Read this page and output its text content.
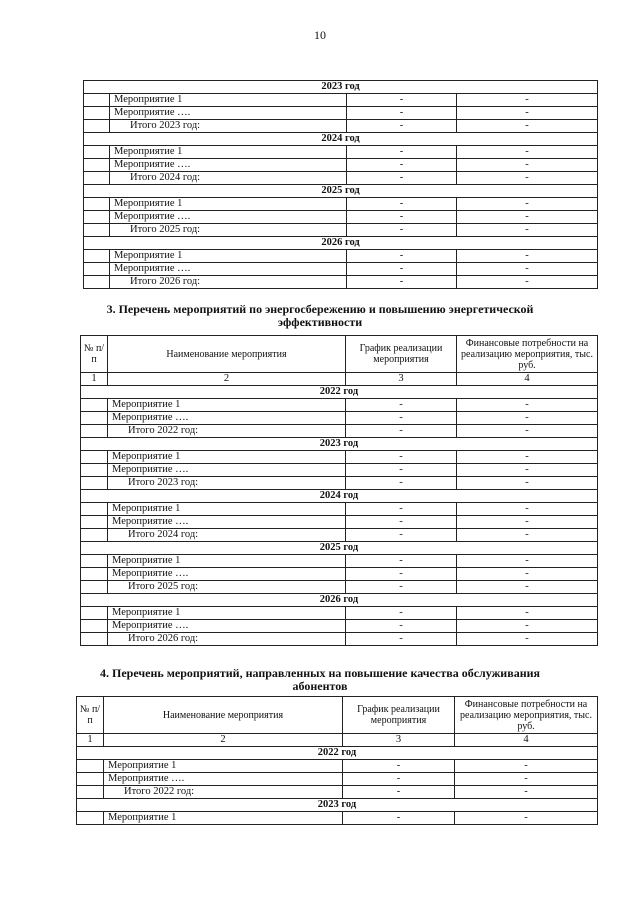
10
2023 год			
	Мероприятие 1	-	-
	Мероприятие ….	-	-
	Итого 2023 год:	-	-
2024 год			
	Мероприятие 1	-	-
	Мероприятие ….	-	-
	Итого 2024 год:	-	-
2025 год			
	Мероприятие 1	-	-
	Мероприятие ….	-	-
	Итого 2025 год:	-	-
2026 год			
	Мероприятие 1	-	-
	Мероприятие ….	-	-
	Итого 2026 год:	-	-
3. Перечень мероприятий по энергосбережению и повышению энергетической
эффективности
№ п/п	Наименование мероприятия	График реализации мероприятия	Финансовые потребности на реализацию мероприятия, тыс. руб.
1	2	3	4
2022 год			
	Мероприятие 1	-	-
	Мероприятие ….	-	-
	Итого 2022 год:	-	-
2023 год			
	Мероприятие 1	-	-
	Мероприятие ….	-	-
	Итого 2023 год:	-	-
2024 год			
	Мероприятие 1	-	-
	Мероприятие ….	-	-
	Итого 2024 год:	-	-
2025 год			
	Мероприятие 1	-	-
	Мероприятие ….	-	-
	Итого 2025 год:	-	-
2026 год			
	Мероприятие 1	-	-
	Мероприятие ….	-	-
	Итого 2026 год:	-	-
4. Перечень мероприятий, направленных на повышение качества обслуживания
абонентов
№ п/п	Наименование мероприятия	График реализации мероприятия	Финансовые потребности на реализацию мероприятия, тыс. руб.
1	2	3	4
2022 год			
	Мероприятие 1	-	-
	Мероприятие ….	-	-
	Итого 2022 год:	-	-
2023 год			
	Мероприятие 1	-	-
